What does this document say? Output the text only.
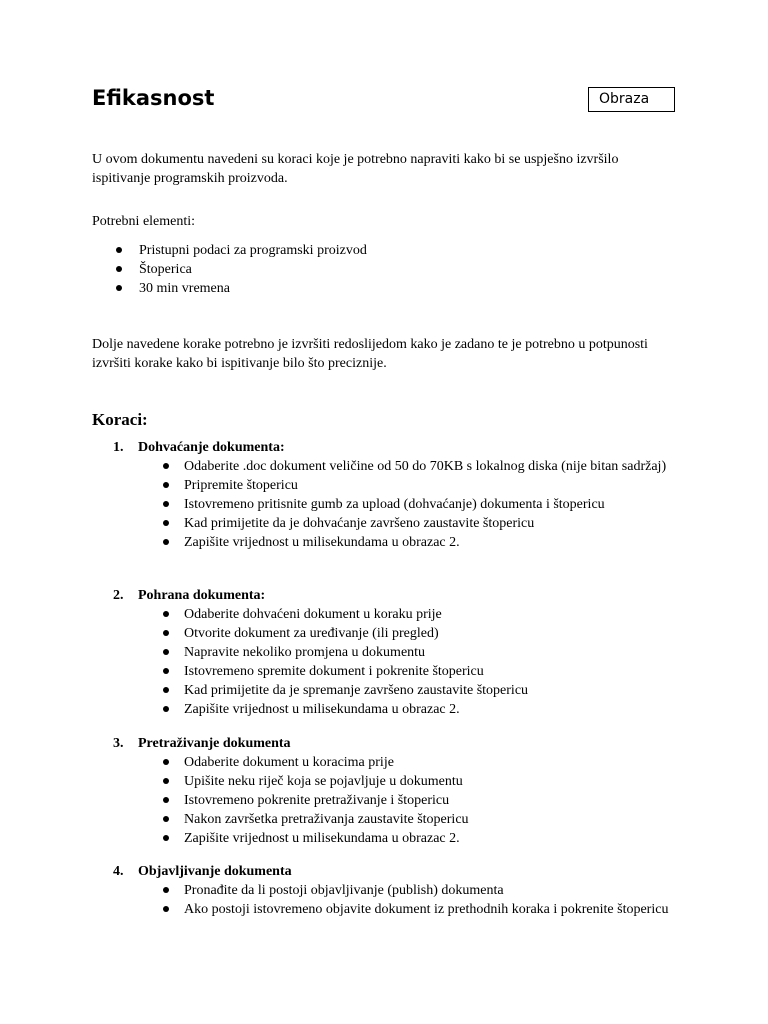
Efikasnost	Obraza

U ovom dokumentu navedeni su koraci koje je potrebno napraviti kako bi se uspješno izvršilo ispitivanje programskih proizvoda.

Potrebni elementi:

Pristupni podaci za programski proizvod
Štoperica
30 min vremena

Dolje navedene korake potrebno je izvršiti redoslijedom kako je zadano te je potrebno u potpunosti izvršiti korake kako bi ispitivanje bilo što preciznije.

Koraci:
1. Dohvaćanje dokumenta:
Odaberite .doc dokument veličine od 50 do 70KB s lokalnog diska (nije bitan sadržaj)
Pripremite štopericu
Istovremeno pritisnite gumb za upload (dohvaćanje) dokumenta i štopericu
Kad primijetite da je dohvaćanje završeno zaustavite štopericu
Zapišite vrijednost u milisekundama u obrazac 2.
2. Pohrana dokumenta:
Odaberite dohvaćeni dokument u koraku prije
Otvorite dokument za uređivanje (ili pregled)
Napravite nekoliko promjena u dokumentu
Istovremeno spremite dokument i pokrenite štopericu
Kad primijetite da je spremanje završeno zaustavite štopericu
Zapišite vrijednost u milisekundama u obrazac 2.
3. Pretraživanje dokumenta
Odaberite dokument u koracima prije
Upišite neku riječ koja se pojavljuje u dokumentu
Istovremeno pokrenite pretraživanje i štopericu
Nakon završetka pretraživanja zaustavite štopericu
Zapišite vrijednost u milisekundama u obrazac 2.
4. Objavljivanje dokumenta
Pronađite da li postoji objavljivanje (publish) dokumenta
Ako postoji istovremeno objavite dokument iz prethodnih koraka i pokrenite štopericu
